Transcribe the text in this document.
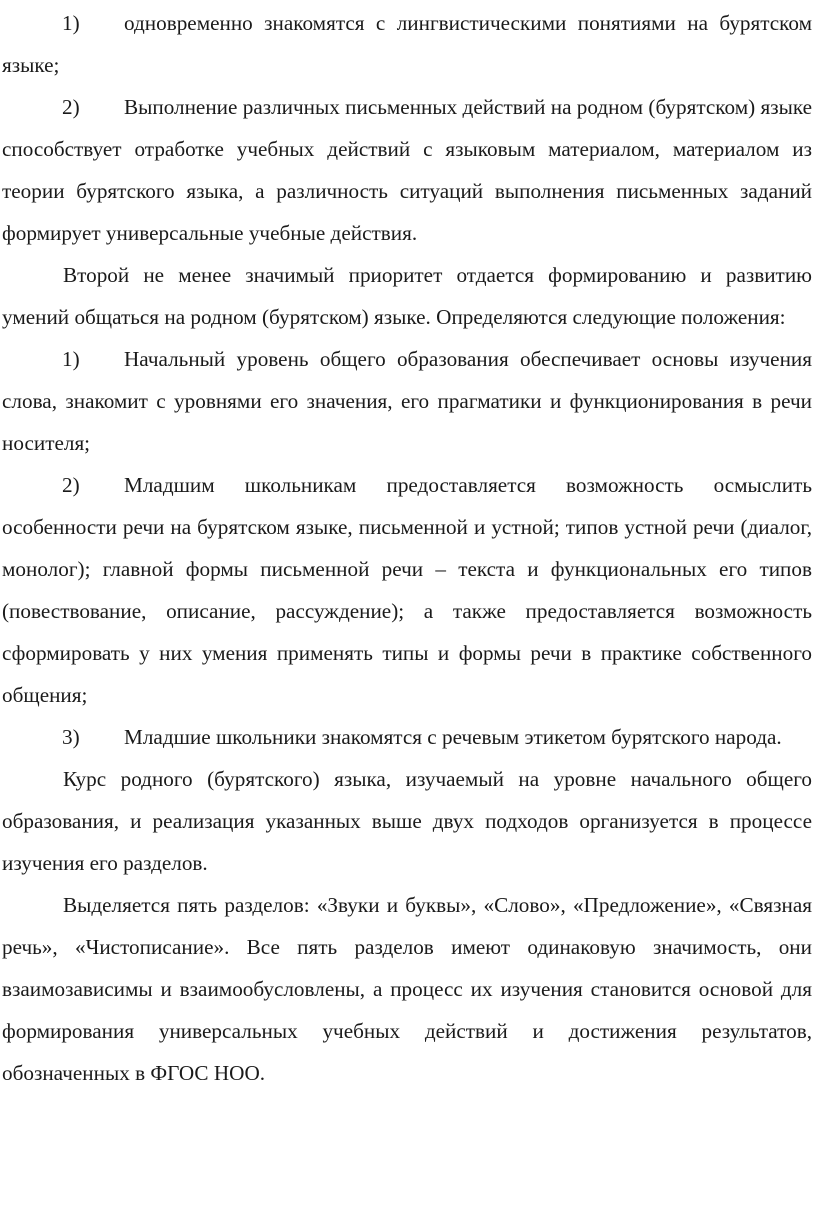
1) одновременно знакомятся с лингвистическими понятиями на бурятском языке;

2) Выполнение различных письменных действий на родном (бурятском) языке способствует отработке учебных действий с языковым материалом, материалом из теории бурятского языка, а различность ситуаций выполнения письменных заданий формирует универсальные учебные действия.

Второй не менее значимый приоритет отдается формированию и развитию умений общаться на родном (бурятском) языке. Определяются следующие положения:

1) Начальный уровень общего образования обеспечивает основы изучения слова, знакомит с уровнями его значения, его прагматики и функционирования в речи носителя;

2) Младшим школьникам предоставляется возможность осмыслить особенности речи на бурятском языке, письменной и устной; типов устной речи (диалог, монолог); главной формы письменной речи – текста и функциональных его типов (повествование, описание, рассуждение); а также предоставляется возможность сформировать у них умения применять типы и формы речи в практике собственного общения;

3) Младшие школьники знакомятся с речевым этикетом бурятского народа.

Курс родного (бурятского) языка, изучаемый на уровне начального общего образования, и реализация указанных выше двух подходов организуется в процессе изучения его разделов.

Выделяется пять разделов: «Звуки и буквы», «Слово», «Предложение», «Связная речь», «Чистописание». Все пять разделов имеют одинаковую значимость, они взаимозависимы и взаимообусловлены, а процесс их изучения становится основой для формирования универсальных учебных действий и достижения результатов, обозначенных в ФГОС НОО.
